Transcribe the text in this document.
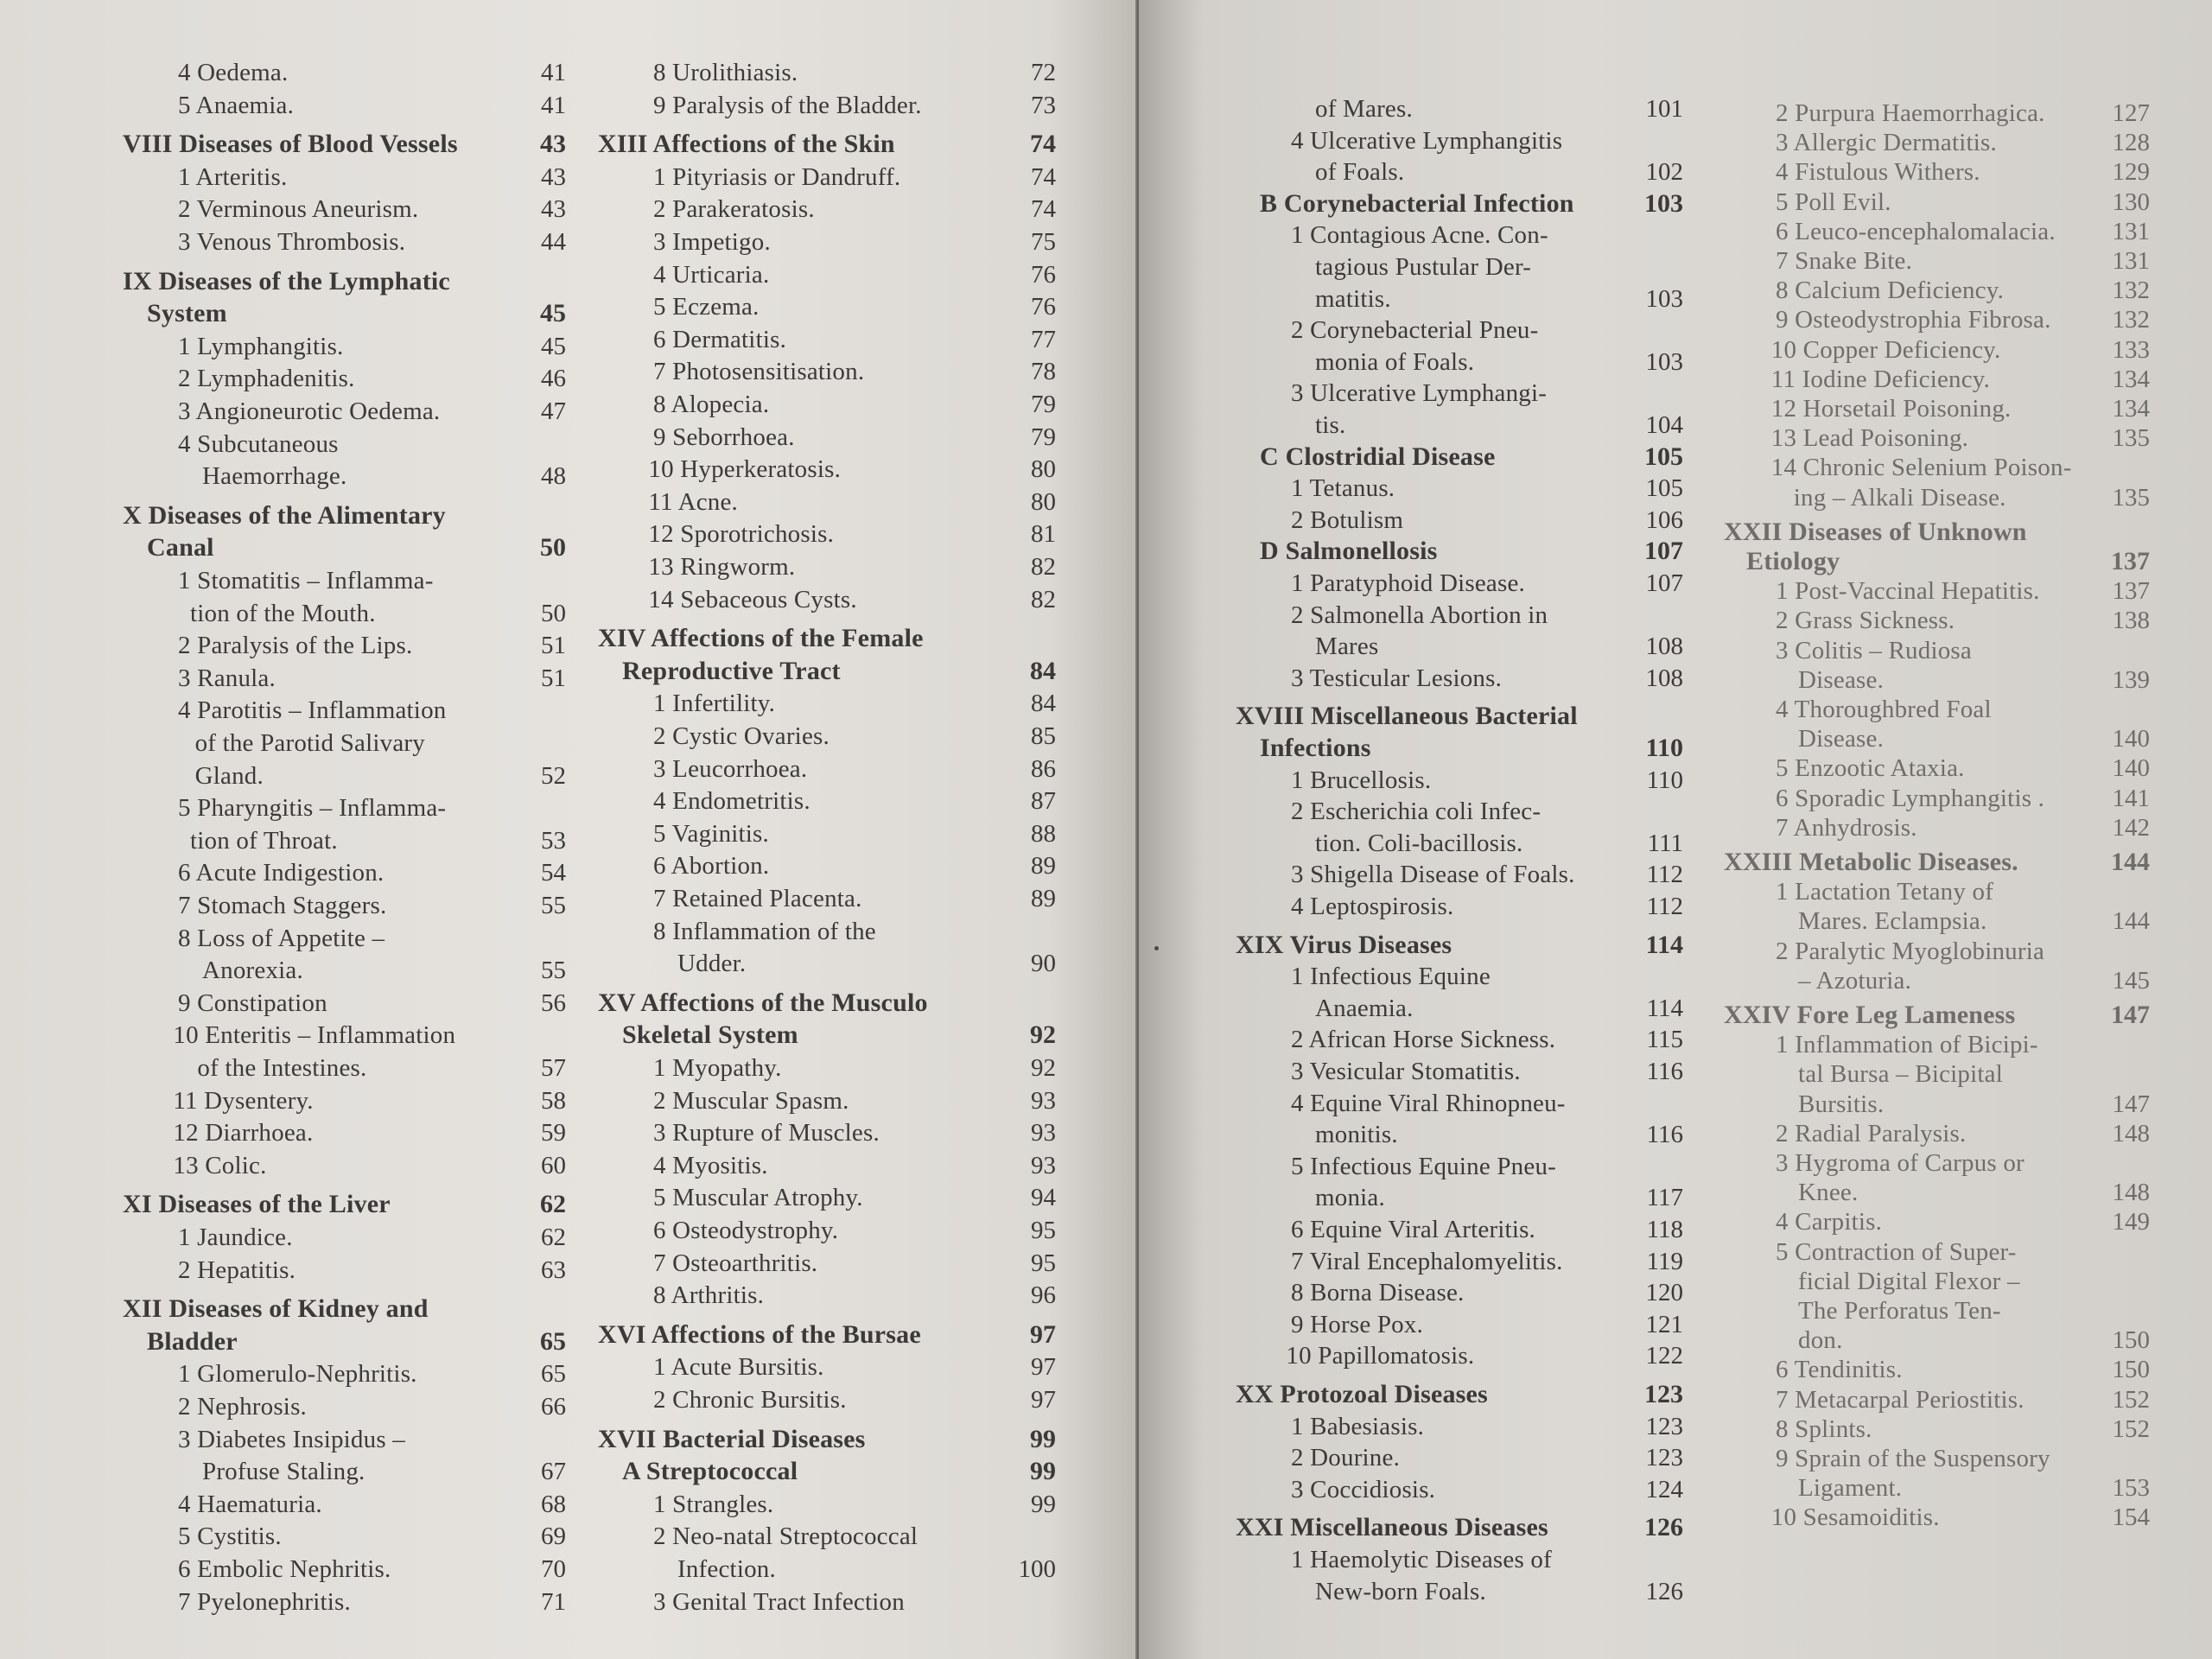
4 Oedema.	41
5 Anaemia.	41
VIII Diseases of Blood Vessels	43
1 Arteritis.	43
2 Verminous Aneurism.	43
3 Venous Thrombosis.	44
IX Diseases of the Lymphatic
System	45
1 Lymphangitis.	45
2 Lymphadenitis.	46
3 Angioneurotic Oedema.	47
4 Subcutaneous
Haemorrhage.	48
X Diseases of the Alimentary
Canal	50
1 Stomatitis – Inflamma-
tion of the Mouth.	50
2 Paralysis of the Lips.	51
3 Ranula.	51
4 Parotitis – Inflammation
of the Parotid Salivary
Gland.	52
5 Pharyngitis – Inflamma-
tion of Throat.	53
6 Acute Indigestion.	54
7 Stomach Staggers.	55
8 Loss of Appetite –
Anorexia.	55
9 Constipation	56
10 Enteritis – Inflammation
of the Intestines.	57
11 Dysentery.	58
12 Diarrhoea.	59
13 Colic.	60
XI Diseases of the Liver	62
1 Jaundice.	62
2 Hepatitis.	63
XII Diseases of Kidney and
Bladder	65
1 Glomerulo-Nephritis.	65
2 Nephrosis.	66
3 Diabetes Insipidus –
Profuse Staling.	67
4 Haematuria.	68
5 Cystitis.	69
6 Embolic Nephritis.	70
7 Pyelonephritis.	71
8 Urolithiasis.	72
9 Paralysis of the Bladder.	73
XIII Affections of the Skin	74
1 Pityriasis or Dandruff.	74
2 Parakeratosis.	74
3 Impetigo.	75
4 Urticaria.	76
5 Eczema.	76
6 Dermatitis.	77
7 Photosensitisation.	78
8 Alopecia.	79
9 Seborrhoea.	79
10 Hyperkeratosis.	80
11 Acne.	80
12 Sporotrichosis.	81
13 Ringworm.	82
14 Sebaceous Cysts.	82
XIV Affections of the Female
Reproductive Tract	84
1 Infertility.	84
2 Cystic Ovaries.	85
3 Leucorrhoea.	86
4 Endometritis.	87
5 Vaginitis.	88
6 Abortion.	89
7 Retained Placenta.	89
8 Inflammation of the
Udder.	90
XV Affections of the Musculo
Skeletal System	92
1 Myopathy.	92
2 Muscular Spasm.	93
3 Rupture of Muscles.	93
4 Myositis.	93
5 Muscular Atrophy.	94
6 Osteodystrophy.	95
7 Osteoarthritis.	95
8 Arthritis.	96
XVI Affections of the Bursae	97
1 Acute Bursitis.	97
2 Chronic Bursitis.	97
XVII Bacterial Diseases	99
A Streptococcal	99
1 Strangles.	99
2 Neo-natal Streptococcal
Infection.	100
3 Genital Tract Infection
of Mares.	101
4 Ulcerative Lymphangitis
of Foals.	102
B Corynebacterial Infection	103
1 Contagious Acne. Con-
tagious Pustular Der-
matitis.	103
2 Corynebacterial Pneu-
monia of Foals.	103
3 Ulcerative Lymphangi-
tis.	104
C Clostridial Disease	105
1 Tetanus.	105
2 Botulism	106
D Salmonellosis	107
1 Paratyphoid Disease.	107
2 Salmonella Abortion in
Mares	108
3 Testicular Lesions.	108
XVIII Miscellaneous Bacterial
Infections	110
1 Brucellosis.	110
2 Escherichia coli Infec-
tion. Coli-bacillosis.	111
3 Shigella Disease of Foals.	112
4 Leptospirosis.	112
XIX Virus Diseases	114
1 Infectious Equine
Anaemia.	114
2 African Horse Sickness.	115
3 Vesicular Stomatitis.	116
4 Equine Viral Rhinopneu-
monitis.	116
5 Infectious Equine Pneu-
monia.	117
6 Equine Viral Arteritis.	118
7 Viral Encephalomyelitis.	119
8 Borna Disease.	120
9 Horse Pox.	121
10 Papillomatosis.	122
XX Protozoal Diseases	123
1 Babesiasis.	123
2 Dourine.	123
3 Coccidiosis.	124
XXI Miscellaneous Diseases	126
1 Haemolytic Diseases of
New-born Foals.	126
2 Purpura Haemorrhagica.	127
3 Allergic Dermatitis.	128
4 Fistulous Withers.	129
5 Poll Evil.	130
6 Leuco-encephalomalacia.	131
7 Snake Bite.	131
8 Calcium Deficiency.	132
9 Osteodystrophia Fibrosa.	132
10 Copper Deficiency.	133
11 Iodine Deficiency.	134
12 Horsetail Poisoning.	134
13 Lead Poisoning.	135
14 Chronic Selenium Poison-
ing – Alkali Disease.	135
XXII Diseases of Unknown
Etiology	137
1 Post-Vaccinal Hepatitis.	137
2 Grass Sickness.	138
3 Colitis – Rudiosa
Disease.	139
4 Thoroughbred Foal
Disease.	140
5 Enzootic Ataxia.	140
6 Sporadic Lymphangitis .	141
7 Anhydrosis.	142
XXIII Metabolic Diseases.	144
1 Lactation Tetany of
Mares. Eclampsia.	144
2 Paralytic Myoglobinuria
– Azoturia.	145
XXIV Fore Leg Lameness	147
1 Inflammation of Bicipi-
tal Bursa – Bicipital
Bursitis.	147
2 Radial Paralysis.	148
3 Hygroma of Carpus or
Knee.	148
4 Carpitis.	149
5 Contraction of Super-
ficial Digital Flexor –
The Perforatus Ten-
don.	150
6 Tendinitis.	150
7 Metacarpal Periostitis.	152
8 Splints.	152
9 Sprain of the Suspensory
Ligament.	153
10 Sesamoiditis.	154
